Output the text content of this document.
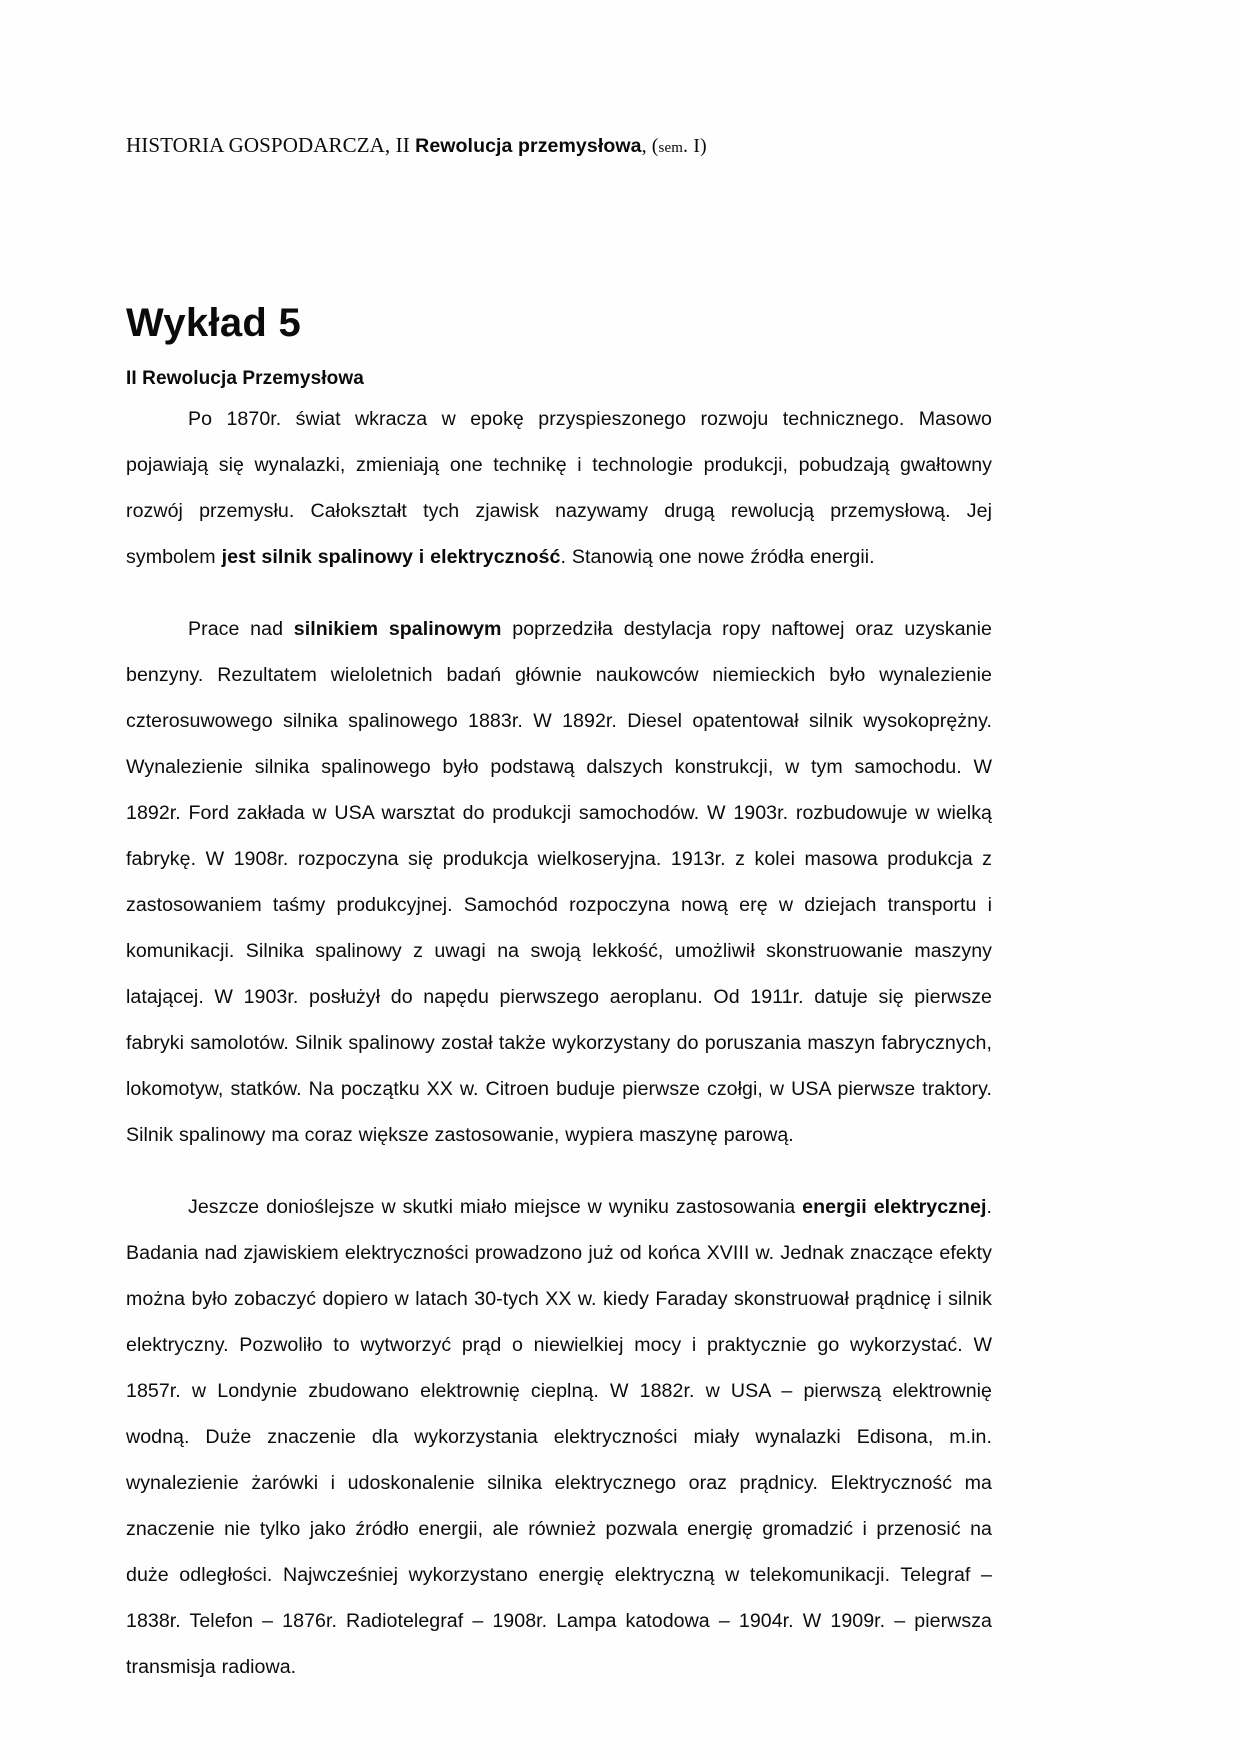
HISTORIA GOSPODARCZA, II Rewolucja przemysłowa, (sem. I)
Wykład 5
II Rewolucja Przemysłowa

Po 1870r. świat wkracza w epokę przyspieszonego rozwoju technicznego. Masowo pojawiają się wynalazki, zmieniają one technikę i technologie produkcji, pobudzają gwałtowny rozwój przemysłu. Całokształt tych zjawisk nazywamy drugą rewolucją przemysłową. Jej symbolem jest silnik spalinowy i elektryczność. Stanowią one nowe źródła energii.

Prace nad silnikiem spalinowym poprzedziła destylacja ropy naftowej oraz uzyskanie benzyny. Rezultatem wieloletnich badań głównie naukowców niemieckich było wynalezienie czterosuwowego silnika spalinowego 1883r. W 1892r. Diesel opatentował silnik wysokoprężny. Wynalezienie silnika spalinowego było podstawą dalszych konstrukcji, w tym samochodu. W 1892r. Ford zakłada w USA warsztat do produkcji samochodów. W 1903r. rozbudowuje w wielką fabrykę. W 1908r. rozpoczyna się produkcja wielkoseryjna. 1913r. z kolei masowa produkcja z zastosowaniem taśmy produkcyjnej. Samochód rozpoczyna nową erę w dziejach transportu i komunikacji. Silnika spalinowy z uwagi na swoją lekkość, umożliwił skonstruowanie maszyny latającej. W 1903r. posłużył do napędu pierwszego aeroplanu. Od 1911r. datuje się pierwsze fabryki samolotów. Silnik spalinowy został także wykorzystany do poruszania maszyn fabrycznych, lokomotyw, statków. Na początku XX w. Citroen buduje pierwsze czołgi, w USA pierwsze traktory. Silnik spalinowy ma coraz większe zastosowanie, wypiera maszynę parową.

Jeszcze donioślejsze w skutki miało miejsce w wyniku zastosowania energii elektrycznej. Badania nad zjawiskiem elektryczności prowadzono już od końca XVIII w. Jednak znaczące efekty można było zobaczyć dopiero w latach 30-tych XX w. kiedy Faraday skonstruował prądnicę i silnik elektryczny. Pozwoliło to wytworzyć prąd o niewielkiej mocy i praktycznie go wykorzystać. W 1857r. w Londynie zbudowano elektrownię cieplną. W 1882r. w USA – pierwszą elektrownię wodną. Duże znaczenie dla wykorzystania elektryczności miały wynalazki Edisona, m.in. wynalezienie żarówki i udoskonalenie silnika elektrycznego oraz prądnicy. Elektryczność ma znaczenie nie tylko jako źródło energii, ale również pozwala energię gromadzić i przenosić na duże odległości. Najwcześniej wykorzystano energię elektryczną w telekomunikacji. Telegraf – 1838r. Telefon – 1876r. Radiotelegraf – 1908r. Lampa katodowa – 1904r. W 1909r. – pierwsza transmisja radiowa.
